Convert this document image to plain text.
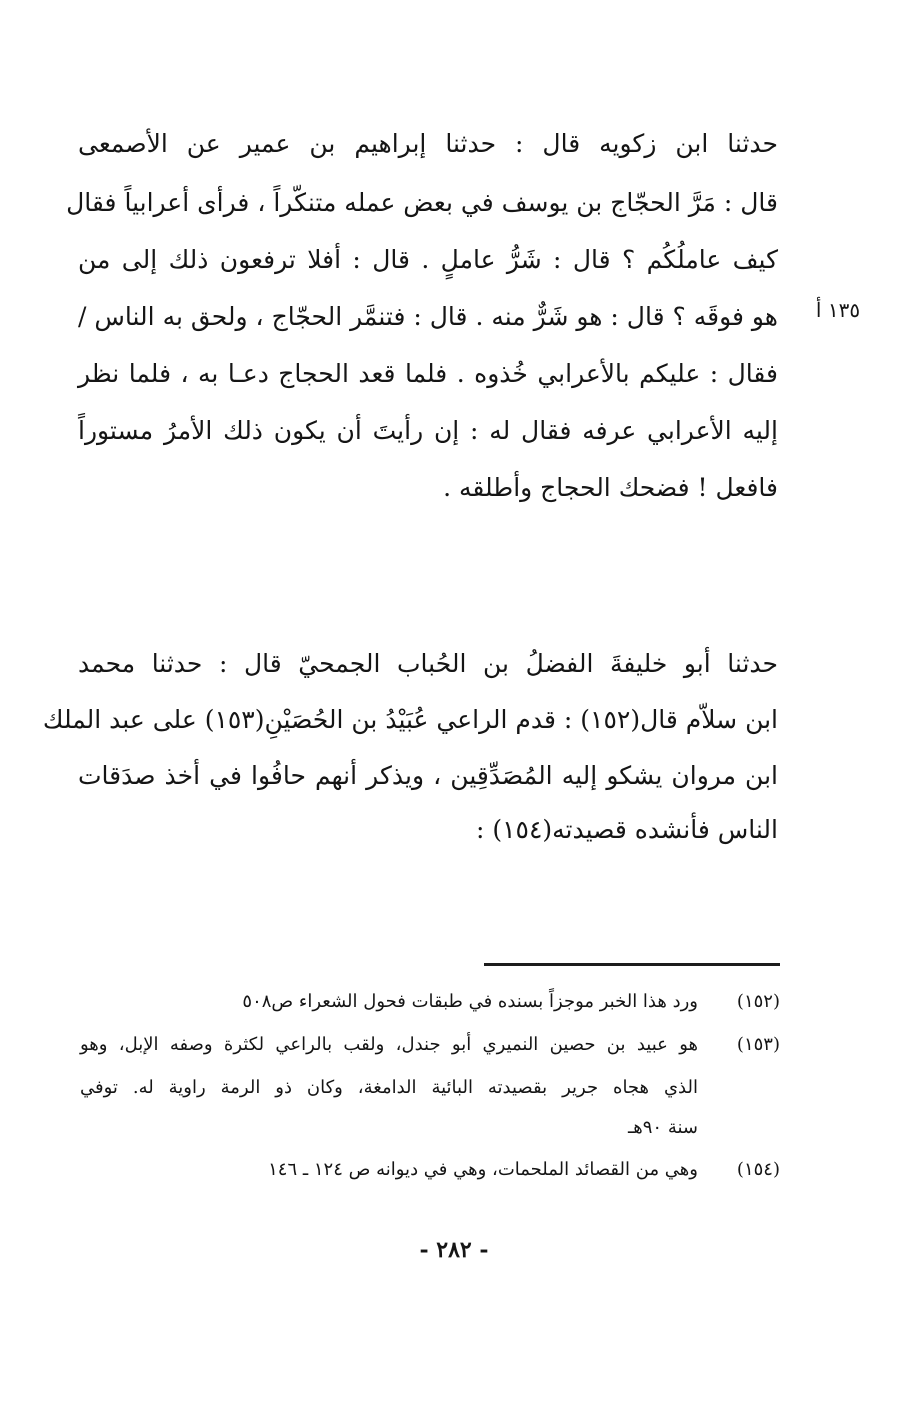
حدثنا ابن زكويه قال : حدثنا إبراهيم بن عمير عن الأصمعى
قال : مَرَّ الحجّاج بن يوسف في بعض عمله متنكّراً ، فرأى أعرابياً فقال
كيف عاملُكُم ؟ قال : شَرُّ عاملٍ . قال : أفلا ترفعون ذلك إلى من
هو فوقَه ؟ قال : هو شَرٌّ منه . قال : فتنمَّر الحجّاج ، ولحق به الناس /
فقال : عليكم بالأعرابي خُذوه . فلما قعد الحجاج دعـا به ، فلما نظر
إليه الأعرابي عرفه فقال له : إن رأيتَ أن يكون ذلك الأمرُ مستوراً
فافعل ! فضحك الحجاج وأطلقه .
١٣٥ أ
حدثنا أبو خليفةَ الفضلُ بن الحُباب الجمحيّ قال : حدثنا محمد
ابن سلاّم قال(١٥٢) : قدم الراعي عُبَيْدُ بن الحُصَيْنِ(١٥٣) على عبد الملك
ابن مروان يشكو إليه المُصَدِّقِين ، ويذكر أنهم حافُوا في أخذ صدَقات
الناس فأنشده قصيدته(١٥٤) :
(١٥٢)
ورد هذا الخبر موجزاً بسنده في طبقات فحول الشعراء ص٥٠٨
(١٥٣)
هو عبيد بن حصين النميري أبو جندل، ولقب بالراعي لكثرة وصفه الإبل، وهو
الذي هجاه جرير بقصيدته البائية الدامغة، وكان ذو الرمة راوية له. توفي
سنة ٩٠هـ
(١٥٤)
وهي من القصائد الملحمات، وهي في ديوانه ص ١٢٤ ـ ١٤٦
- ٢٨٢ -
